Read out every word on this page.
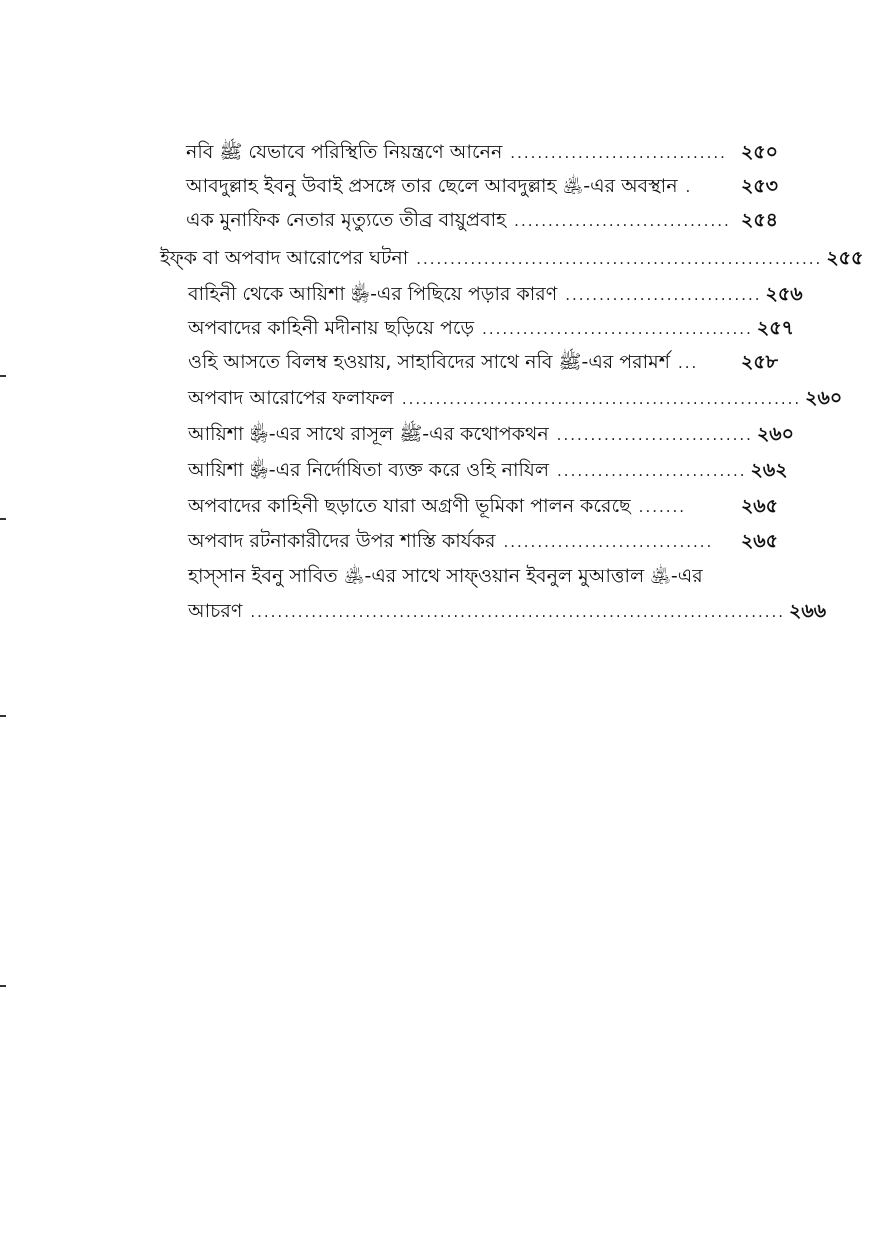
নবি ﷺ যেভাবে পরিস্থিতি নিয়ন্ত্রণে আনেন ................................ ২৫০
আবদুল্লাহ ইবনু উবাই প্রসঙ্গে তার ছেলে আবদুল্লাহ ﵁-এর অবস্থান .	২৫৩
এক মুনাফিক নেতার মৃত্যুতে তীব্র বায়ুপ্রবাহ ................................ ২৫৪
ইফ্‌ক বা অপবাদ আরোপের ঘটনা ............................................................ ২৫৫
বাহিনী থেকে আয়িশা ﵂-এর পিছিয়ে পড়ার কারণ ............................. ২৫৬
অপবাদের কাহিনী মদীনায় ছড়িয়ে পড়ে ........................................ ২৫৭
ওহি আসতে বিলম্ব হওয়ায়, সাহাবিদের সাথে নবি ﷺ-এর পরামর্শ ...	২৫৮
অপবাদ আরোপের ফলাফল ........................................................... ২৬০
আয়িশা ﵂-এর সাথে রাসূল ﷺ-এর কথোপকথন ............................. ২৬০
আয়িশা ﵂-এর নির্দোষিতা ব্যক্ত করে ওহি নাযিল ............................ ২৬২
অপবাদের কাহিনী ছড়াতে যারা অগ্রণী ভূমিকা পালন করেছে .......	২৬৫
অপবাদ রটনাকারীদের উপর শাস্তি কার্যকর ...............................	২৬৫
হাস্‌সান ইবনু সাবিত ﵁-এর সাথে সাফ্‌ওয়ান ইবনুল মুআত্তাল ﵁-এর
আচরণ ............................................................................... ২৬৬
